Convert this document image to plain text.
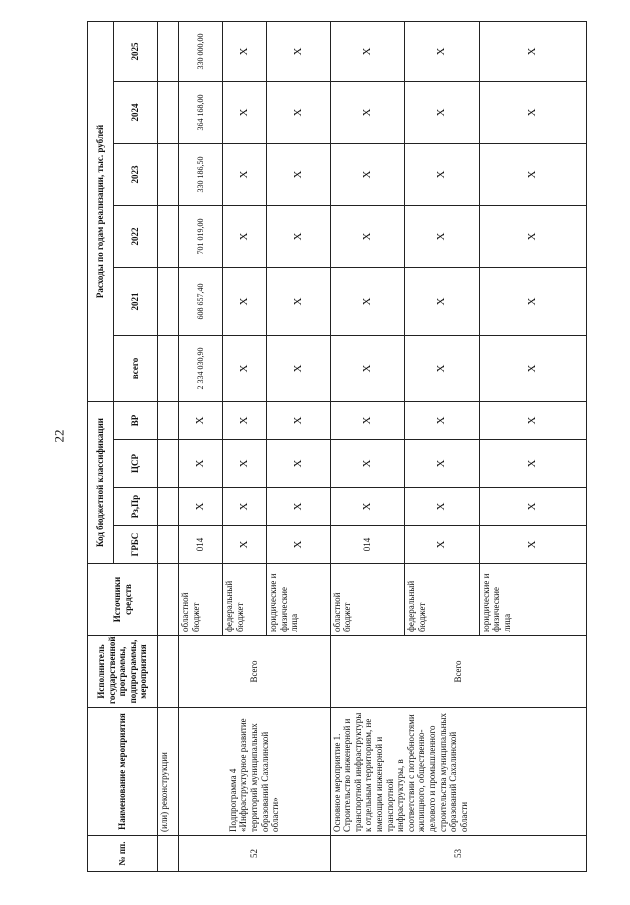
22
№ пп.	Наименование мероприятия	Исполнитель государственной программы, подпрограммы, мероприятия	Источники средств	Код бюджетной классификации				Расходы по годам реализации, тыс. рублей					
				ГРБС	Рз,Пр	ЦСР	ВР	всего	2021	2022	2023	2024	2025
	(или) реконструкции												
52	Подпрограмма 4 «Инфраструктурное развитие территорий муниципальных образований Сахалинской области»	Всего	областной бюджет	014	Х	Х	Х	2 334 030,90	608 657,40	701 019,00	330 186,50	364 168,00	330 000,00
			федеральный бюджет	Х	Х	Х	Х	Х	Х	Х	Х	Х	Х
			юридические и физические лица	Х	Х	Х	Х	Х	Х	Х	Х	Х	Х
53	Основное мероприятие 1. Строительство инженерной и транспортной инфраструктуры к отдельным территориям, не имеющим инженерной и транспортной инфраструктуры, в соответствии с потребностями жилищного, общественно-делового и промышленного строительства муниципальных образований Сахалинской области	Всего	областной бюджет	014	Х	Х	Х	Х	Х	Х	Х	Х	Х
			федеральный бюджет	Х	Х	Х	Х	Х	Х	Х	Х	Х	Х
			юридические и физические лица	Х	Х	Х	Х	Х	Х	Х	Х	Х	Х
